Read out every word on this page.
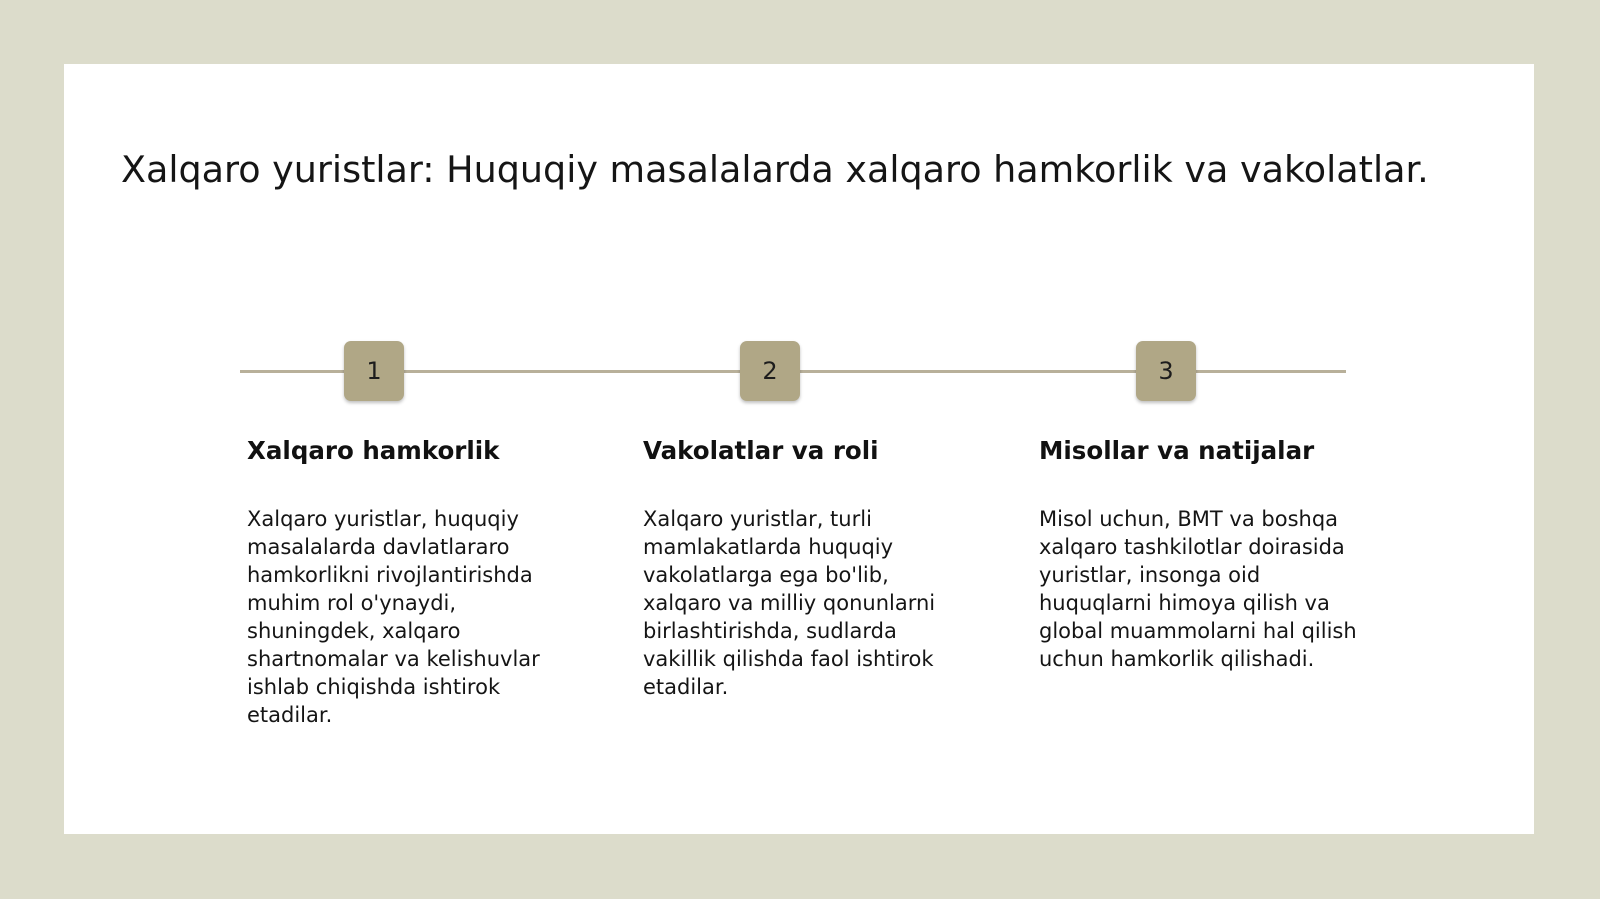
Xalqaro yuristlar: Huquqiy masalalarda xalqaro hamkorlik va vakolatlar.
1	2	3
Xalqaro hamkorlik

Xalqaro yuristlar, huquqiy masalalarda davlatlararo hamkorlikni rivojlantirishda muhim rol o'ynaydi, shuningdek, xalqaro shartnomalar va kelishuvlar ishlab chiqishda ishtirok etadilar.

Vakolatlar va roli

Xalqaro yuristlar, turli mamlakatlarda huquqiy vakolatlarga ega bo'lib, xalqaro va milliy qonunlarni birlashtirishda, sudlarda vakillik qilishda faol ishtirok etadilar.

Misollar va natijalar

Misol uchun, BMT va boshqa xalqaro tashkilotlar doirasida yuristlar, insonga oid huquqlarni himoya qilish va global muammolarni hal qilish uchun hamkorlik qilishadi.
